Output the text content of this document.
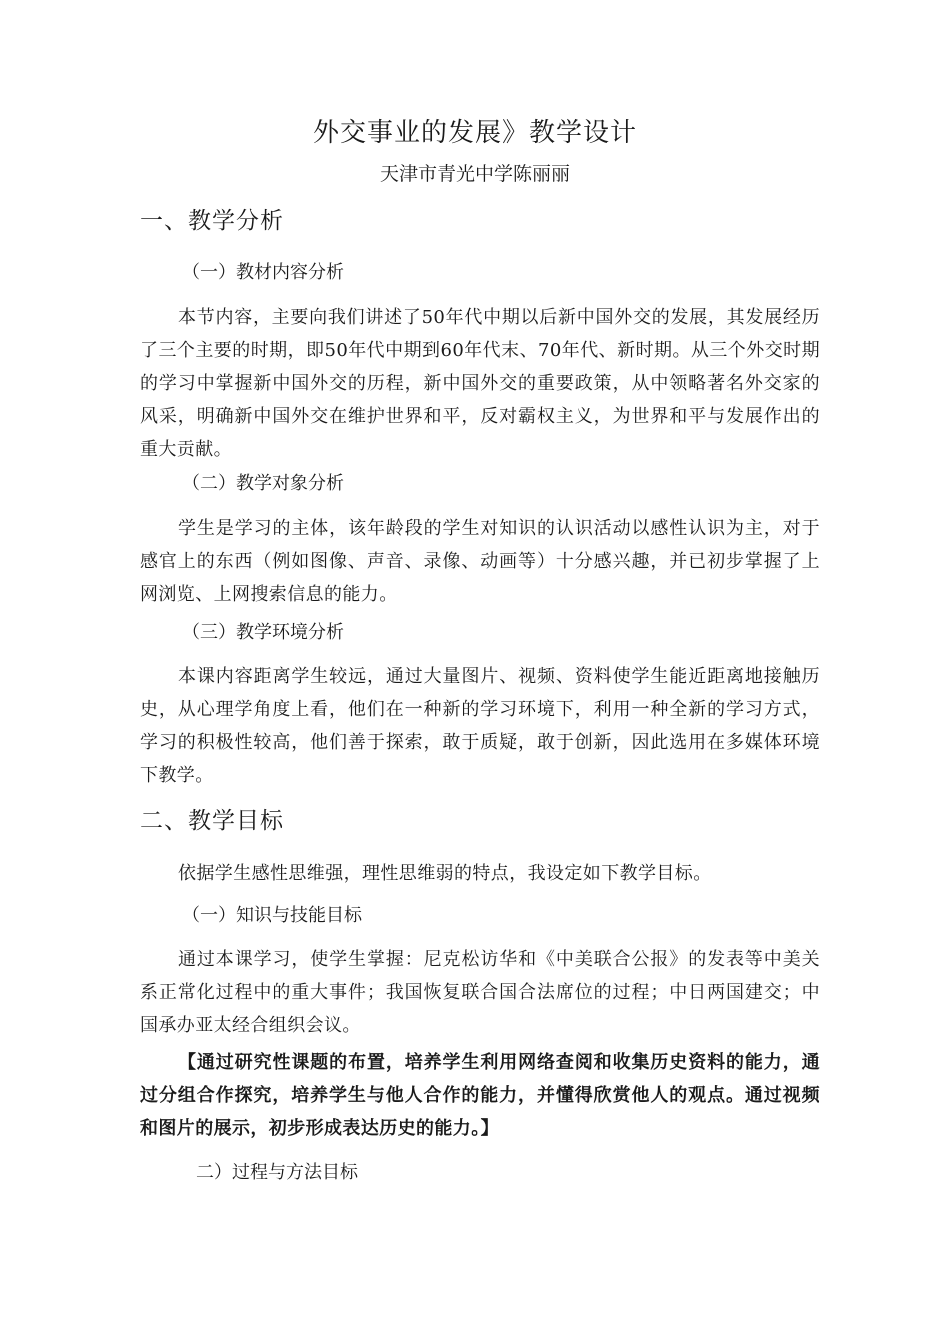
外交事业的发展》教学设计
天津市青光中学陈丽丽
一、教学分析
（一）教材内容分析

本节内容，主要向我们讲述了50年代中期以后新中国外交的发展，其发展经历了三个主要的时期，即50年代中期到60年代末、70年代、新时期。从三个外交时期的学习中掌握新中国外交的历程，新中国外交的重要政策，从中领略著名外交家的风采，明确新中国外交在维护世界和平，反对霸权主义，为世界和平与发展作出的重大贡献。

（二）教学对象分析

学生是学习的主体，该年龄段的学生对知识的认识活动以感性认识为主，对于感官上的东西（例如图像、声音、录像、动画等）十分感兴趣，并已初步掌握了上网浏览、上网搜索信息的能力。

（三）教学环境分析

本课内容距离学生较远，通过大量图片、视频、资料使学生能近距离地接触历史，从心理学角度上看，他们在一种新的学习环境下，利用一种全新的学习方式，学习的积极性较高，他们善于探索，敢于质疑，敢于创新，因此选用在多媒体环境下教学。

二、教学目标

依据学生感性思维强，理性思维弱的特点，我设定如下教学目标。

（一）知识与技能目标

通过本课学习，使学生掌握：尼克松访华和《中美联合公报》的发表等中美关系正常化过程中的重大事件；我国恢复联合国合法席位的过程；中日两国建交；中国承办亚太经合组织会议。

【通过研究性课题的布置，培养学生利用网络查阅和收集历史资料的能力，通过分组合作探究，培养学生与他人合作的能力，并懂得欣赏他人的观点。通过视频和图片的展示，初步形成表达历史的能力。】

二）过程与方法目标
